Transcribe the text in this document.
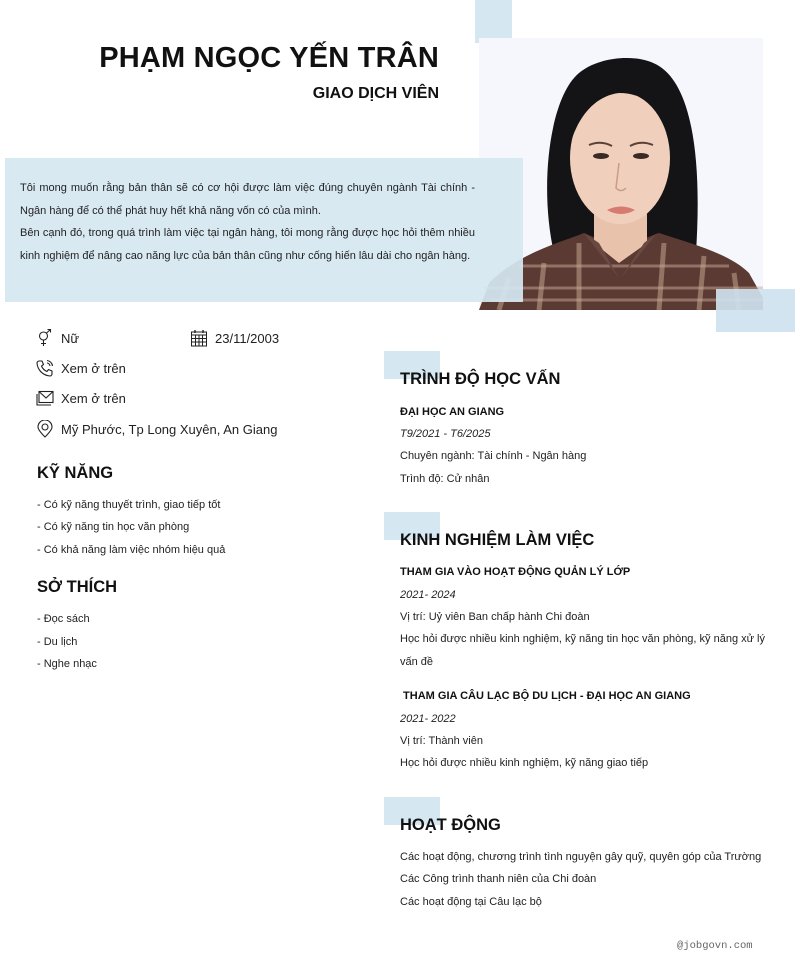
PHẠM NGỌC YẾN TRÂN
GIAO DỊCH VIÊN

Tôi mong muốn rằng bản thân sẽ có cơ hội được làm việc đúng chuyên ngành Tài chính - Ngân hàng để có thể phát huy hết khả năng vốn có của mình.

Bên cạnh đó, trong quá trình làm việc tại ngân hàng, tôi mong rằng được học hỏi thêm nhiều kinh nghiệm để nâng cao năng lực của bản thân cũng như cống hiến lâu dài cho ngân hàng.

Nữ	23/11/2003
Xem ở trên
Xem ở trên
Mỹ Phước, Tp Long Xuyên, An Giang
KỸ NĂNG
- Có kỹ năng thuyết trình, giao tiếp tốt
- Có kỹ năng tin học văn phòng
- Có khả năng làm việc nhóm hiệu quả
SỞ THÍCH
- Đọc sách
- Du lịch
- Nghe nhạc
TRÌNH ĐỘ HỌC VẤN
ĐẠI HỌC AN GIANG
T9/2021 - T6/2025
Chuyên ngành: Tài chính - Ngân hàng
Trình độ: Cử nhân
KINH NGHIỆM LÀM VIỆC
THAM GIA VÀO HOẠT ĐỘNG QUẢN LÝ LỚP
2021- 2024
Vị trí: Uỷ viên Ban chấp hành Chi đoàn
Học hỏi được nhiều kinh nghiệm, kỹ năng tin học văn phòng, kỹ năng xử lý vấn đề
THAM GIA CÂU LẠC BỘ DU LỊCH - ĐẠI HỌC AN GIANG
2021- 2022
Vị trí: Thành viên
Học hỏi được nhiều kinh nghiệm, kỹ năng giao tiếp
HOẠT ĐỘNG
Các hoạt động, chương trình tình nguyện gây quỹ, quyên góp của Trường
Các Công trình thanh niên của Chi đoàn
Các hoạt động tại Câu lạc bộ
@jobgovn.com
